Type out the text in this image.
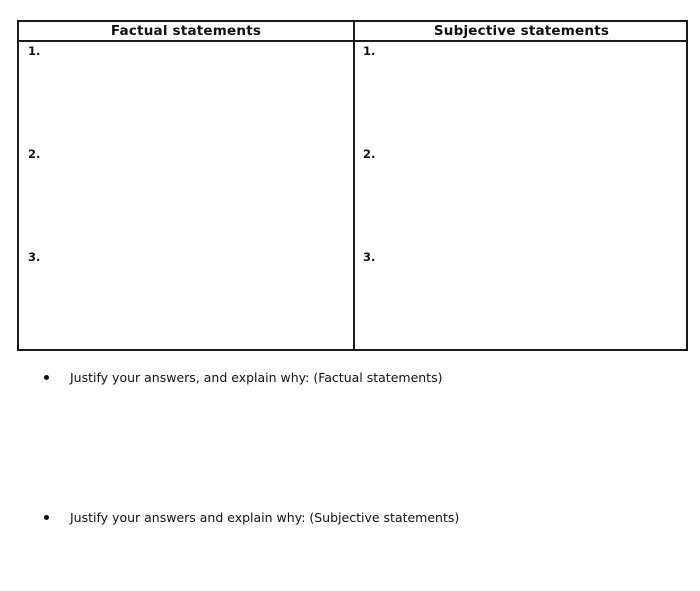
Factual statements	Subjective statements
1.
2.
3.
1.
2.
3.
Justify your answers, and explain why: (Factual statements)
Justify your answers and explain why: (Subjective statements)
